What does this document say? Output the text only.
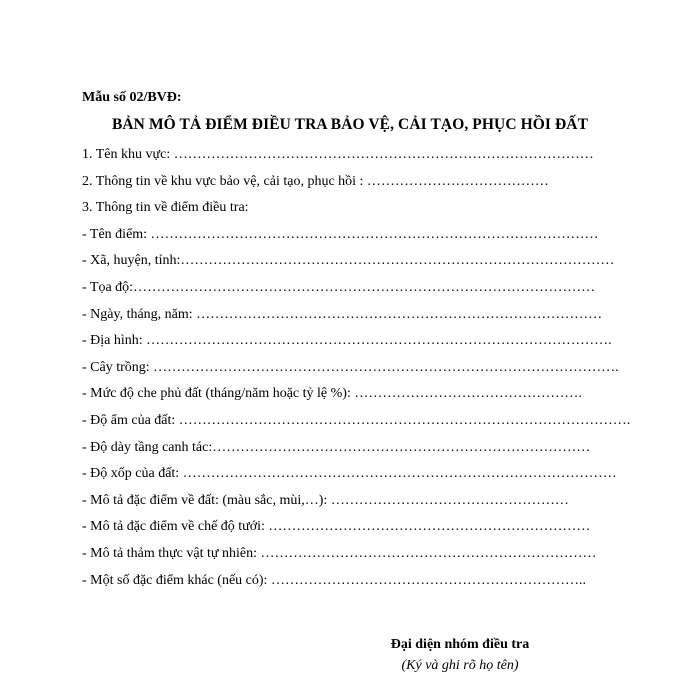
Mẫu số 02/BVĐ:
BẢN MÔ TẢ ĐIỂM ĐIỀU TRA BẢO VỆ, CẢI TẠO, PHỤC HỒI ĐẤT
1. Tên khu vực: ………………………………………………………………………………
2. Thông tin về khu vực bảo vệ, cải tạo, phục hồi : …………………………………
3. Thông tin về điểm điều tra:
- Tên điểm: ……………………………………………………………………………………
- Xã, huyện, tỉnh:…………………………………………………………………………………
- Tọa độ:………………………………………………………………………………………
- Ngày, tháng, năm: ……………………………………………………………………………
- Địa hình: ……………………………………………………………………………………….
- Cây trồng: ……………………………………………………………………………………….
- Mức độ che phủ đất (tháng/năm hoặc tỷ lệ %): ………………………………………….
- Độ ẩm của đất: …………………………………………………………………………………….
- Độ dày tầng canh tác:………………………………………………………………………
- Độ xốp của đất: …………………………………………………………………………………
- Mô tả đặc điểm về đất: (màu sắc, mùi,…): ……………………………………………
- Mô tả đặc điểm về chế độ tưới: ……………………………………………………………
- Mô tả thảm thực vật tự nhiên: ………………………………………………………………
- Một số đặc điểm khác (nếu có): …………………………………………………………..
Đại diện nhóm điều tra
(Ký và ghi rõ họ tên)
